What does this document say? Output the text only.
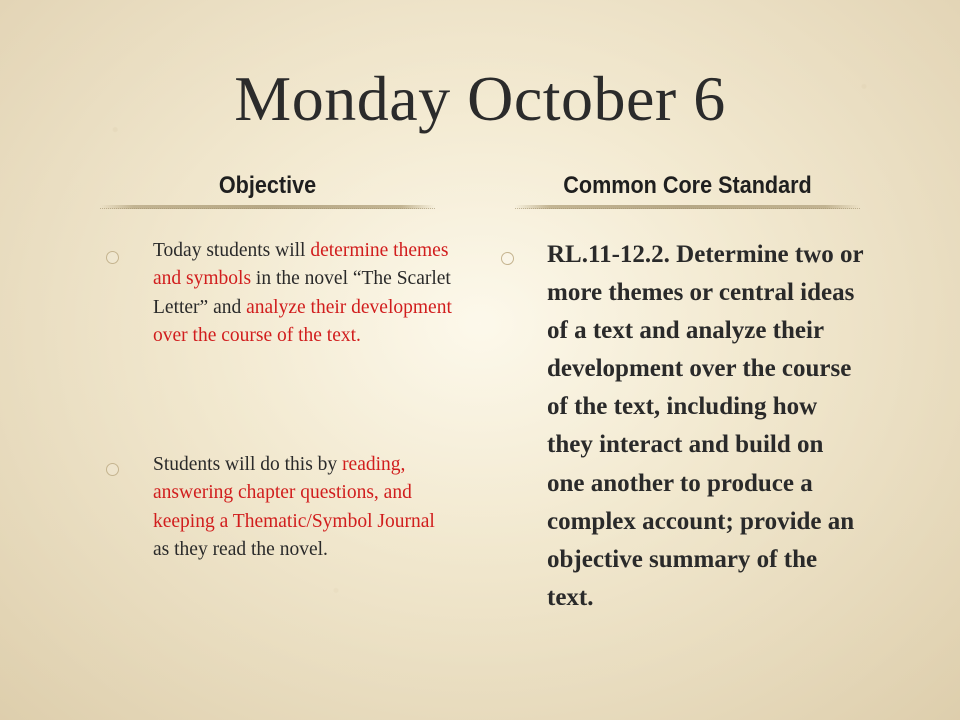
Monday October 6
Objective	Common Core Standard

Today students will determine themes and symbols in the novel “The Scarlet Letter” and analyze their development over the course of the text.

Students will do this by reading, answering chapter questions, and keeping a Thematic/Symbol Journal as they read the novel.

RL.11-12.2. Determine two or more themes or central ideas of a text and analyze their development over the course of the text, including how they interact and build on one another to produce a complex account; provide an objective summary of the text.
